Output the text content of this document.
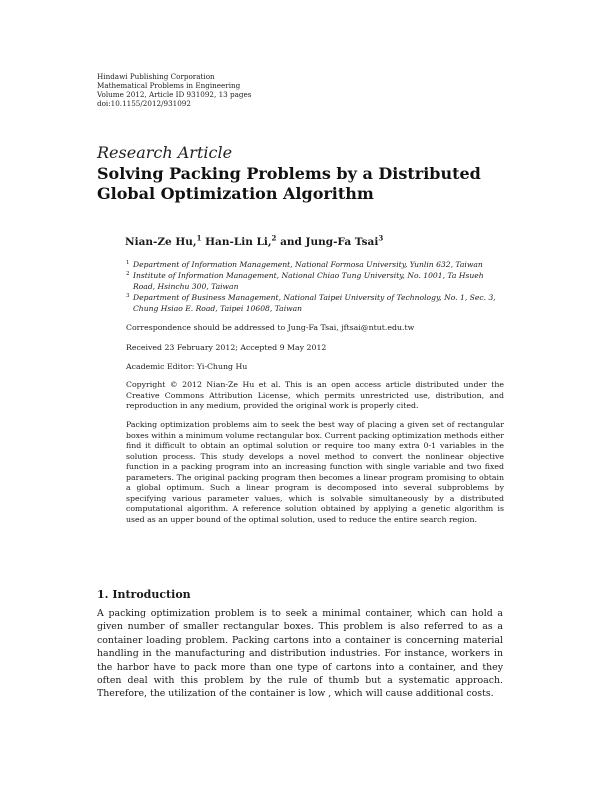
Hindawi Publishing Corporation
Mathematical Problems in Engineering
Volume 2012, Article ID 931092, 13 pages
doi:10.1155/2012/931092
Research Article
Solving Packing Problems by a Distributed Global Optimization Algorithm
Nian-Ze Hu,$^1$ Han-Lin Li,$^2$ and Jung-Fa Tsai$^3$
1 Department of Information Management, National Formosa University, Yunlin 632, Taiwan
2 Institute of Information Management, National Chiao Tung University, No. 1001, Ta Hsueh Road, Hsinchu 300, Taiwan
3 Department of Business Management, National Taipei University of Technology, No. 1, Sec. 3, Chung Hsiao E. Road, Taipei 10608, Taiwan
Correspondence should be addressed to Jung-Fa Tsai, jftsai@ntut.edu.tw
Received 23 February 2012; Accepted 9 May 2012
Academic Editor: Yi-Chung Hu
Copyright © 2012 Nian-Ze Hu et al. This is an open access article distributed under the Creative Commons Attribution License, which permits unrestricted use, distribution, and reproduction in any medium, provided the original work is properly cited.
Packing optimization problems aim to seek the best way of placing a given set of rectangular boxes within a minimum volume rectangular box. Current packing optimization methods either find it difficult to obtain an optimal solution or require too many extra 0-1 variables in the solution process. This study develops a novel method to convert the nonlinear objective function in a packing program into an increasing function with single variable and two fixed parameters. The original packing program then becomes a linear program promising to obtain a global optimum. Such a linear program is decomposed into several subproblems by specifying various parameter values, which is solvable simultaneously by a distributed computational algorithm. A reference solution obtained by applying a genetic algorithm is used as an upper bound of the optimal solution, used to reduce the entire search region.
1. Introduction
A packing optimization problem is to seek a minimal container, which can hold a given number of smaller rectangular boxes. This problem is also referred to as a container loading problem. Packing cartons into a container is concerning material handling in the manufacturing and distribution industries. For instance, workers in the harbor have to pack more than one type of cartons into a container, and they often deal with this problem by the rule of thumb but a systematic approach. Therefore, the utilization of the container is low , which will cause additional costs.
